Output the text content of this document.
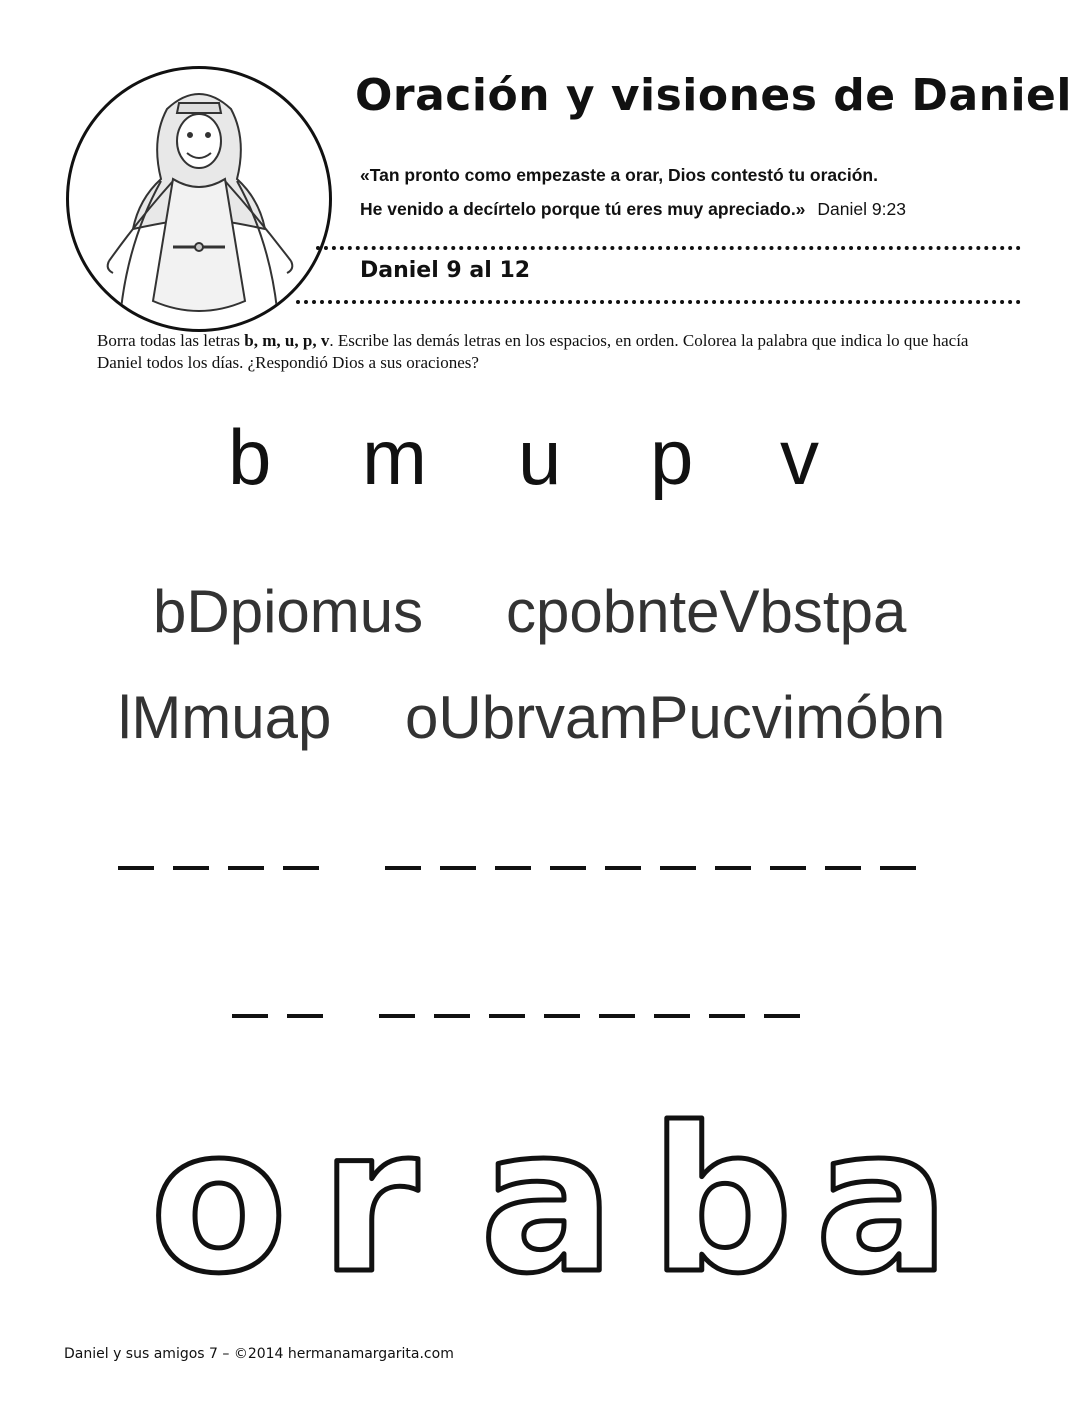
Oración y visiones de Daniel
«Tan pronto como empezaste a orar, Dios contestó tu oración.
He venido a decírtelo porque tú eres muy apreciado.» Daniel 9:23
Daniel 9 al 12
Borra todas las letras b, m, u, p, v. Escribe las demás letras en los espacios, en orden. Colorea la palabra que indica lo que hacía Daniel todos los días. ¿Respondió Dios a sus oraciones?
b m u p v
bDpiomus cpobnteVbstpa
lMmuap oUbrvamPucvimóbn
o r a b a
Daniel y sus amigos 7 – ©2014 hermanamargarita.com
